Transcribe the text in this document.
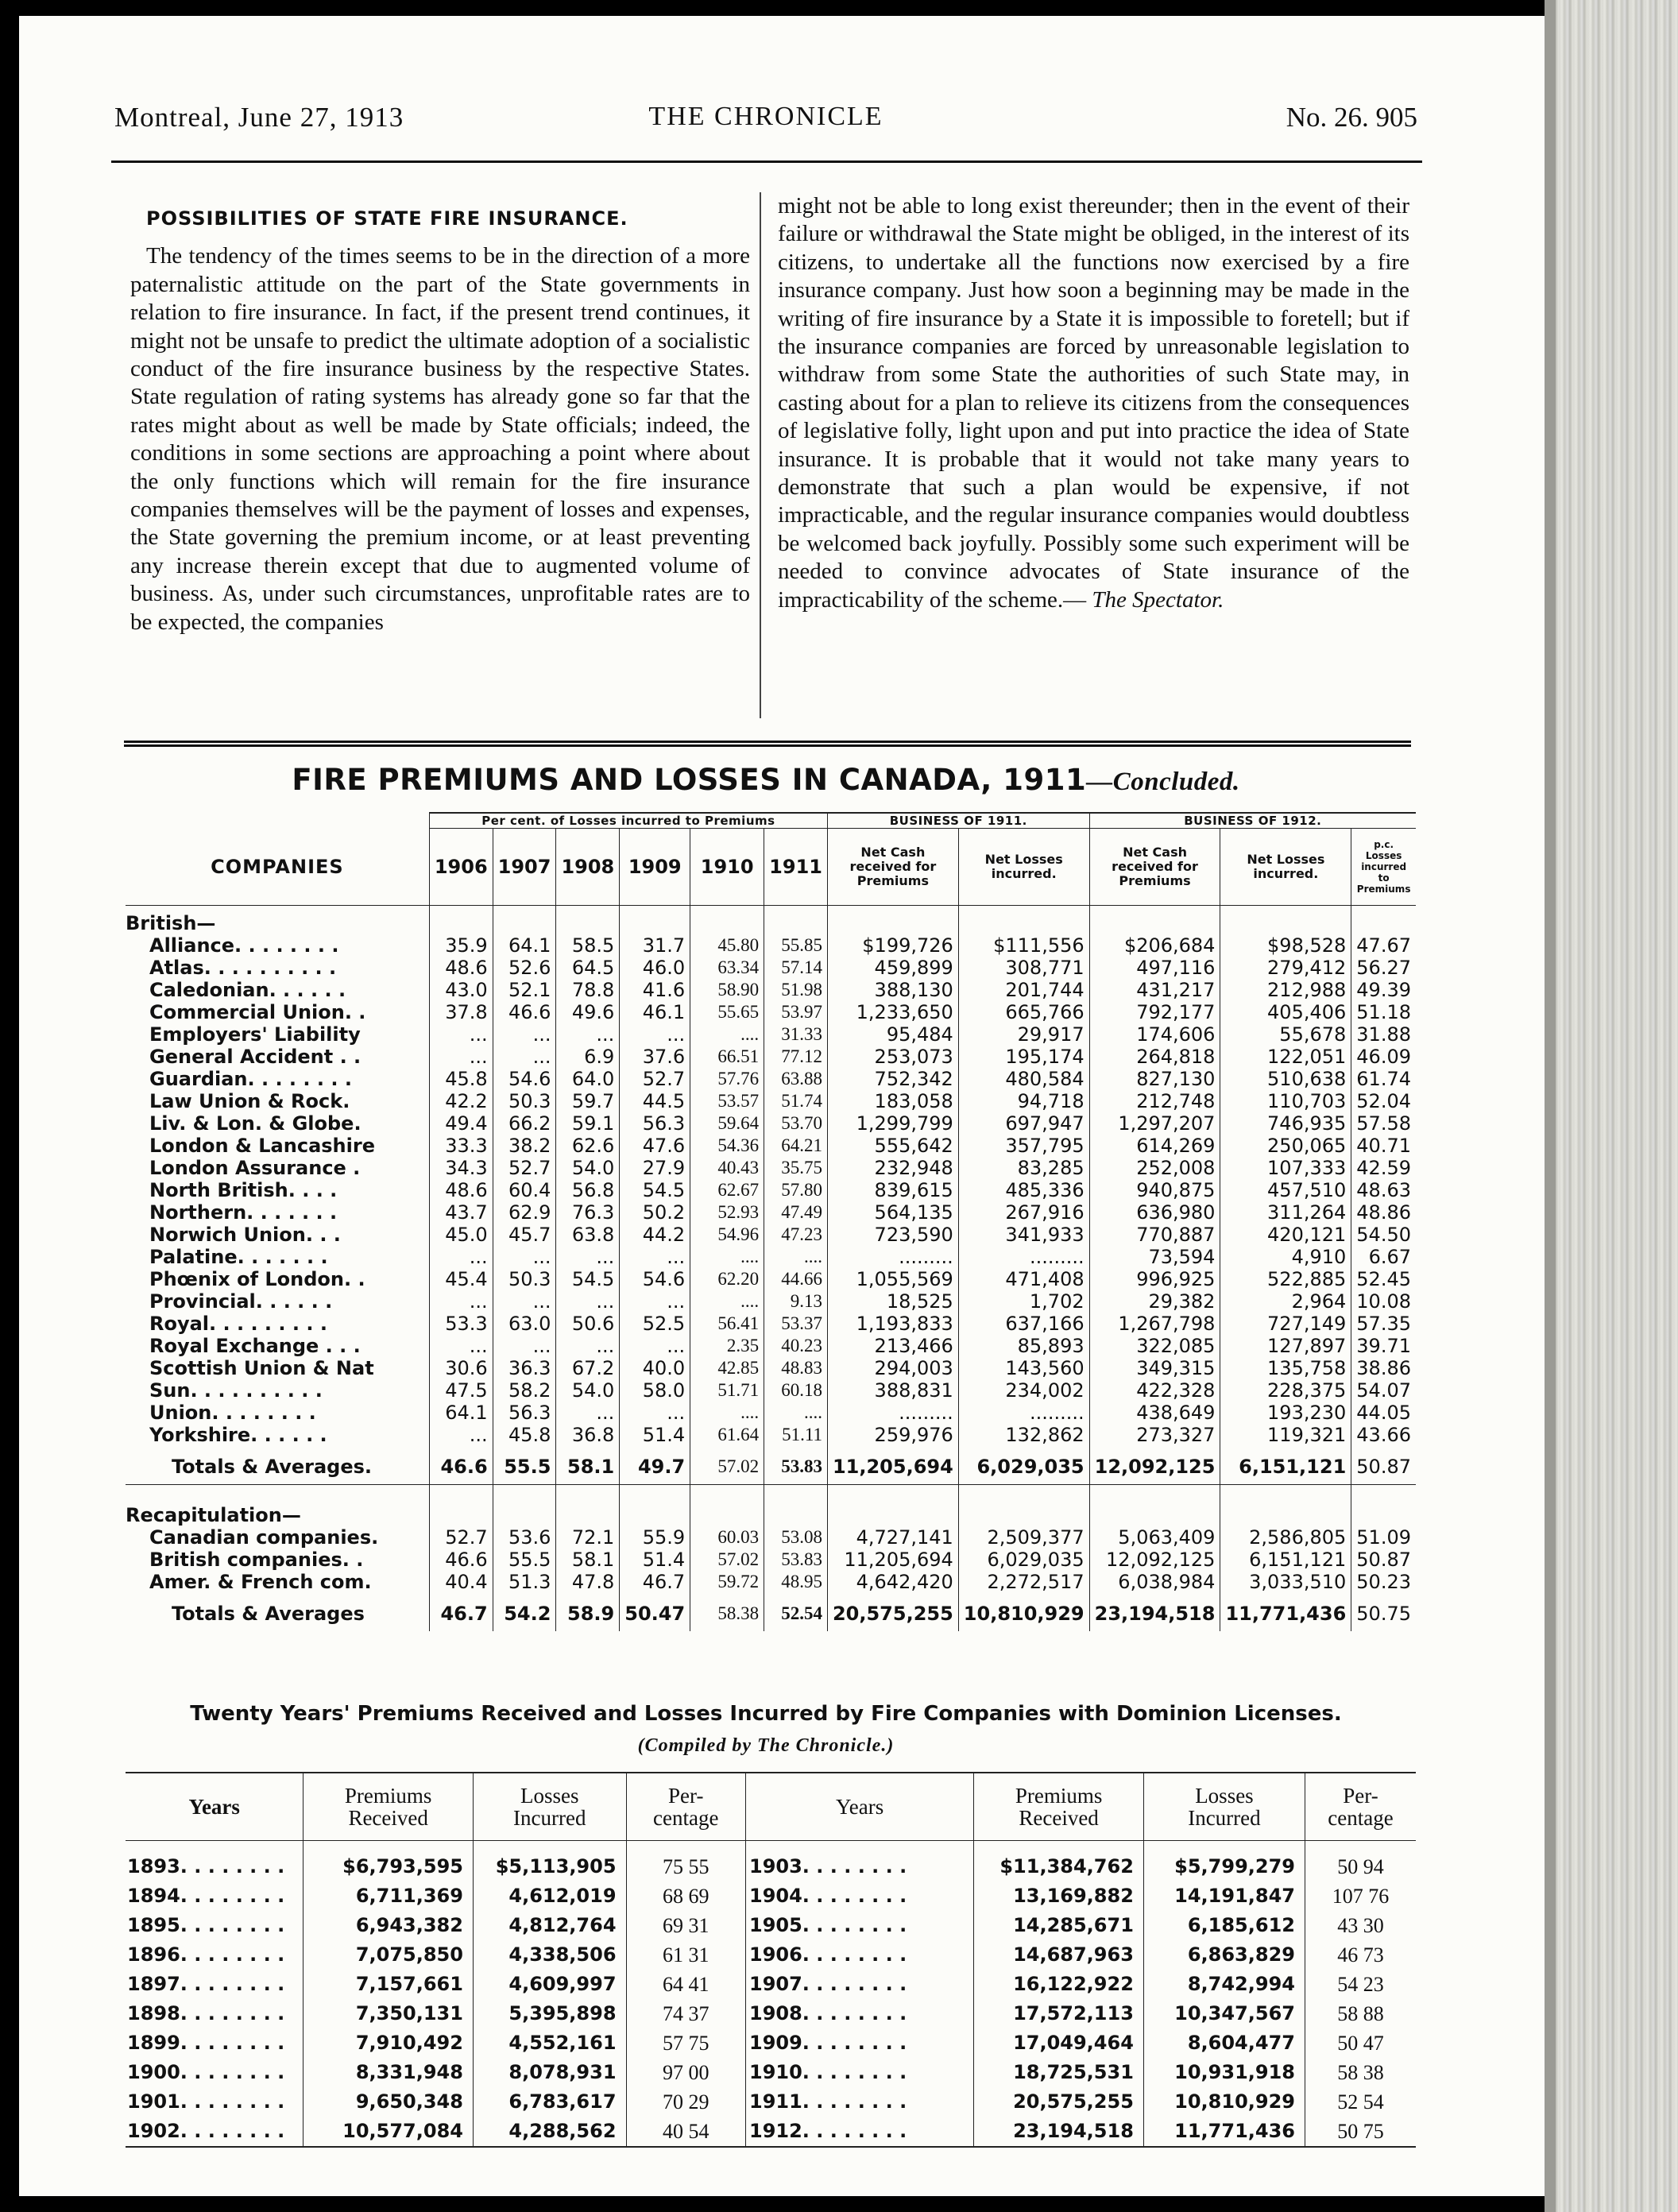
Montreal, June 27, 1913	THE CHRONICLE	No. 26. 905
POSSIBILITIES OF STATE FIRE INSURANCE.

The tendency of the times seems to be in the direction of a more paternalistic attitude on the part of the State governments in relation to fire insurance. In fact, if the present trend continues, it might not be unsafe to predict the ultimate adoption of a socialistic conduct of the fire insurance business by the respective States. State regulation of rating systems has already gone so far that the rates might about as well be made by State officials; indeed, the conditions in some sections are approaching a point where about the only functions which will remain for the fire insurance companies themselves will be the payment of losses and expenses, the State governing the premium income, or at least preventing any increase therein except that due to augmented volume of business. As, under such circumstances, unprofitable rates are to be expected, the companies

might not be able to long exist thereunder; then in the event of their failure or withdrawal the State might be obliged, in the interest of its citizens, to undertake all the functions now exercised by a fire insurance company. Just how soon a beginning may be made in the writing of fire insurance by a State it is impossible to foretell; but if the insurance companies are forced by unreasonable legislation to withdraw from some State the authorities of such State may, in casting about for a plan to relieve its citizens from the consequences of legislative folly, light upon and put into practice the idea of State insurance. It is probable that it would not take many years to demonstrate that such a plan would be expensive, if not impracticable, and the regular insurance companies would doubtless be welcomed back joyfully. Possibly some such experiment will be needed to convince advocates of State insurance of the impracticability of the scheme.— The Spectator.

FIRE PREMIUMS AND LOSSES IN CANADA, 1911—Concluded.
	Per cent. of Losses incurred to Premiums						BUSINESS OF 1911.		BUSINESS OF 1912.		
COMPANIES	1906	1907	1908	1909	1910	1911	Net Cash
received for
Premiums	Net Losses
incurred.	Net Cash
received for
Premiums	Net Losses
incurred.	p.c. Losses
incurred
to
Premiums
British—											
Alliance. . . . . . . .	35.9	64.1	58.5	31.7	45.80	55.85	$199,726	$111,556	$206,684	$98,528	47.67
Atlas. . . . . . . . . .	48.6	52.6	64.5	46.0	63.34	57.14	459,899	308,771	497,116	279,412	56.27
Caledonian. . . . . .	43.0	52.1	78.8	41.6	58.90	51.98	388,130	201,744	431,217	212,988	49.39
Commercial Union. .	37.8	46.6	49.6	46.1	55.65	53.97	1,233,650	665,766	792,177	405,406	51.18
Employers' Liability	...	...	...	...	....	31.33	95,484	29,917	174,606	55,678	31.88
General Accident . .	...	...	6.9	37.6	66.51	77.12	253,073	195,174	264,818	122,051	46.09
Guardian. . . . . . . .	45.8	54.6	64.0	52.7	57.76	63.88	752,342	480,584	827,130	510,638	61.74
Law Union & Rock.	42.2	50.3	59.7	44.5	53.57	51.74	183,058	94,718	212,748	110,703	52.04
Liv. & Lon. & Globe.	49.4	66.2	59.1	56.3	59.64	53.70	1,299,799	697,947	1,297,207	746,935	57.58
London & Lancashire	33.3	38.2	62.6	47.6	54.36	64.21	555,642	357,795	614,269	250,065	40.71
London Assurance .	34.3	52.7	54.0	27.9	40.43	35.75	232,948	83,285	252,008	107,333	42.59
North British. . . .	48.6	60.4	56.8	54.5	62.67	57.80	839,615	485,336	940,875	457,510	48.63
Northern. . . . . . .	43.7	62.9	76.3	50.2	52.93	47.49	564,135	267,916	636,980	311,264	48.86
Norwich Union. . .	45.0	45.7	63.8	44.2	54.96	47.23	723,590	341,933	770,887	420,121	54.50
Palatine. . . . . . .	...	...	...	...	....	....	.........	.........	73,594	4,910	6.67
Phœnix of London. .	45.4	50.3	54.5	54.6	62.20	44.66	1,055,569	471,408	996,925	522,885	52.45
Provincial. . . . . .	...	...	...	...	....	9.13	18,525	1,702	29,382	2,964	10.08
Royal. . . . . . . . .	53.3	63.0	50.6	52.5	56.41	53.37	1,193,833	637,166	1,267,798	727,149	57.35
Royal Exchange . . .	...	...	...	...	2.35	40.23	213,466	85,893	322,085	127,897	39.71
Scottish Union & Nat	30.6	36.3	67.2	40.0	42.85	48.83	294,003	143,560	349,315	135,758	38.86
Sun. . . . . . . . . .	47.5	58.2	54.0	58.0	51.71	60.18	388,831	234,002	422,328	228,375	54.07
Union. . . . . . . .	64.1	56.3	...	...	....	....	.........	.........	438,649	193,230	44.05
Yorkshire. . . . . .	...	45.8	36.8	51.4	61.64	51.11	259,976	132,862	273,327	119,321	43.66
Totals & Averages.	46.6	55.5	58.1	49.7	57.02	53.83	11,205,694	6,029,035	12,092,125	6,151,121	50.87

Recapitulation—											
Canadian companies.	52.7	53.6	72.1	55.9	60.03	53.08	4,727,141	2,509,377	5,063,409	2,586,805	51.09
British companies. .	46.6	55.5	58.1	51.4	57.02	53.83	11,205,694	6,029,035	12,092,125	6,151,121	50.87
Amer. & French com.	40.4	51.3	47.8	46.7	59.72	48.95	4,642,420	2,272,517	6,038,984	3,033,510	50.23
Totals & Averages	46.7	54.2	58.9	50.47	58.38	52.54	20,575,255	10,810,929	23,194,518	11,771,436	50.75
Twenty Years' Premiums Received and Losses Incurred by Fire Companies with Dominion Licenses.
(Compiled by The Chronicle.)
Years	Premiums
Received	Losses
Incurred	Per-
centage	Years	Premiums
Received	Losses
Incurred	Per-
centage
1893. . . . . . . .	$6,793,595	$5,113,905	75 55	1903. . . . . . . .	$11,384,762	$5,799,279	50 94
1894. . . . . . . .	6,711,369	4,612,019	68 69	1904. . . . . . . .	13,169,882	14,191,847	107 76
1895. . . . . . . .	6,943,382	4,812,764	69 31	1905. . . . . . . .	14,285,671	6,185,612	43 30
1896. . . . . . . .	7,075,850	4,338,506	61 31	1906. . . . . . . .	14,687,963	6,863,829	46 73
1897. . . . . . . .	7,157,661	4,609,997	64 41	1907. . . . . . . .	16,122,922	8,742,994	54 23
1898. . . . . . . .	7,350,131	5,395,898	74 37	1908. . . . . . . .	17,572,113	10,347,567	58 88
1899. . . . . . . .	7,910,492	4,552,161	57 75	1909. . . . . . . .	17,049,464	8,604,477	50 47
1900. . . . . . . .	8,331,948	8,078,931	97 00	1910. . . . . . . .	18,725,531	10,931,918	58 38
1901. . . . . . . .	9,650,348	6,783,617	70 29	1911. . . . . . . .	20,575,255	10,810,929	52 54
1902. . . . . . . .	10,577,084	4,288,562	40 54	1912. . . . . . . .	23,194,518	11,771,436	50 75
